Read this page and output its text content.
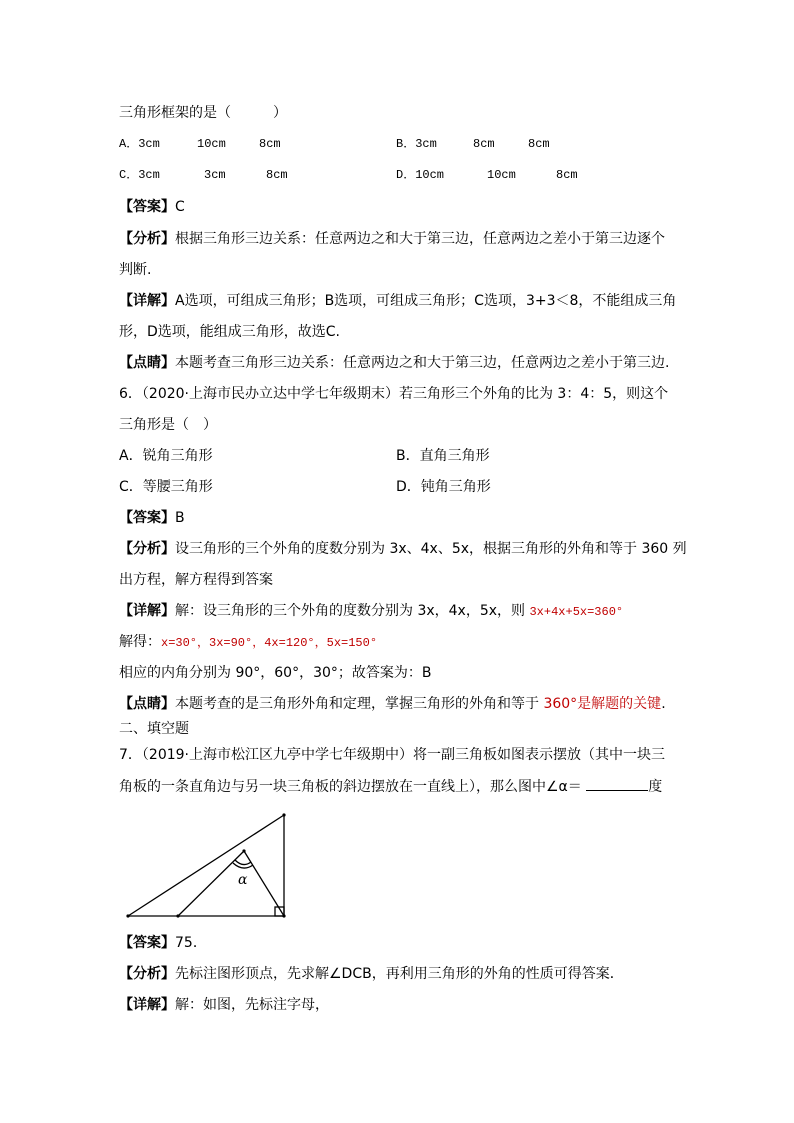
三角形框架的是（　　　）
A．3cm	10cm	8cm	B．3cm	8cm	8cm
C．3cm	3cm	8cm	D．10cm	10cm	8cm
【答案】C
【分析】根据三角形三边关系：任意两边之和大于第三边，任意两边之差小于第三边逐个
判断.
【详解】A选项，可组成三角形；B选项，可组成三角形；C选项，3+3＜8，不能组成三角
形，D选项，能组成三角形，故选C.
【点睛】本题考查三角形三边关系：任意两边之和大于第三边，任意两边之差小于第三边.
6．（2020·上海市民办立达中学七年级期末）若三角形三个外角的比为 3：4：5，则这个
三角形是（　）
A．锐角三角形	B．直角三角形
C．等腰三角形	D．钝角三角形
【答案】B
【分析】设三角形的三个外角的度数分别为 3x、4x、5x，根据三角形的外角和等于 360 列
出方程，解方程得到答案
【详解】解：设三角形的三个外角的度数分别为 3x，4x，5x，则 3x+4x+5x=360°
解得：x=30°，3x=90°，4x=120°，5x=150°
相应的内角分别为 90°，60°，30°；故答案为：B
【点睛】本题考查的是三角形外角和定理，掌握三角形的外角和等于 360°是解题的关键.
二、填空题
7．（2019·上海市松江区九亭中学七年级期中）将一副三角板如图表示摆放（其中一块三
角板的一条直角边与另一块三角板的斜边摆放在一直线上），那么图中∠α＝	度
α
【答案】75．
【分析】先标注图形顶点，先求解∠DCB，再利用三角形的外角的性质可得答案．
【详解】解：如图，先标注字母，
